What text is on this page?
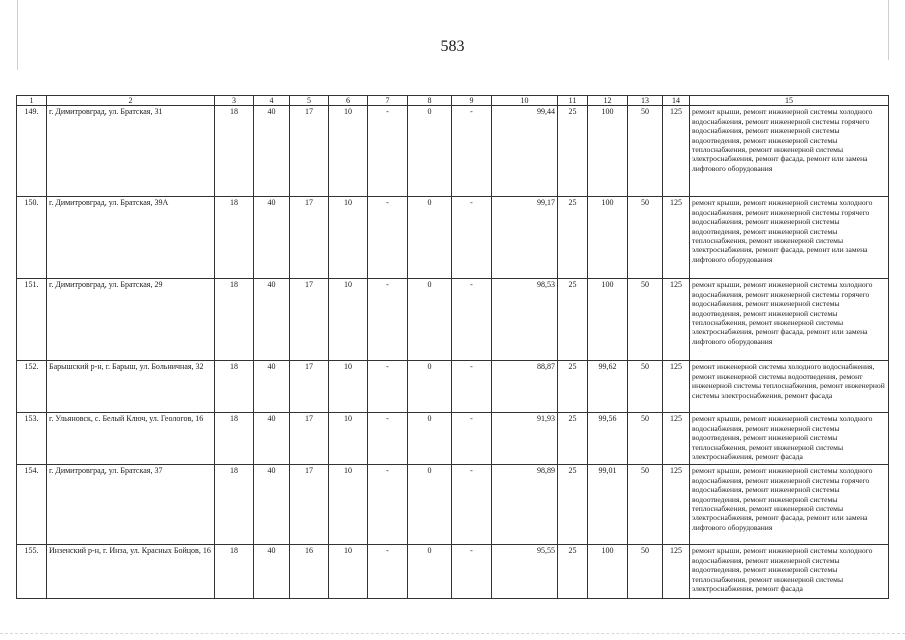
583
1	2	3	4	5	6	7	8	9	10	11	12	13	14	15
149.	г. Димитровград, ул. Братская, 31	18	40	17	10	-	0	-	99,44	25	100	50	125	ремонт крыши, ремонт инженерной системы холодного водоснабжения, ремонт инженерной системы горячего водоснабжения, ремонт инженерной системы водоотведения, ремонт инженерной системы теплоснабжения, ремонт инженерной системы электроснабжения, ремонт фасада, ремонт или замена лифтового оборудования
150.	г. Димитровград, ул. Братская, 39А	18	40	17	10	-	0	-	99,17	25	100	50	125	ремонт крыши, ремонт инженерной системы холодного водоснабжения, ремонт инженерной системы горячего водоснабжения, ремонт инженерной системы водоотведения, ремонт инженерной системы теплоснабжения, ремонт инженерной системы электроснабжения, ремонт фасада, ремонт или замена лифтового оборудования
151.	г. Димитровград, ул. Братская, 29	18	40	17	10	-	0	-	98,53	25	100	50	125	ремонт крыши, ремонт инженерной системы холодного водоснабжения, ремонт инженерной системы горячего водоснабжения, ремонт инженерной системы водоотведения, ремонт инженерной системы теплоснабжения, ремонт инженерной системы электроснабжения, ремонт фасада, ремонт или замена лифтового оборудования
152.	Барышский р-н, г. Барыш, ул. Больничная, 32	18	40	17	10	-	0	-	88,87	25	99,62	50	125	ремонт инженерной системы холодного водоснабжения, ремонт инженерной системы водоотведения, ремонт инженерной системы теплоснабжения, ремонт инженерной системы электроснабжения, ремонт фасада
153.	г. Ульяновск, с. Белый Ключ, ул. Геологов, 16	18	40	17	10	-	0	-	91,93	25	99,56	50	125	ремонт крыши, ремонт инженерной системы холодного водоснабжения, ремонт инженерной системы водоотведения, ремонт инженерной системы теплоснабжения, ремонт инженерной системы электроснабжения, ремонт фасада
154.	г. Димитровград, ул. Братская, 37	18	40	17	10	-	0	-	98,89	25	99,01	50	125	ремонт крыши, ремонт инженерной системы холодного водоснабжения, ремонт инженерной системы горячего водоснабжения, ремонт инженерной системы водоотведения, ремонт инженерной системы теплоснабжения, ремонт инженерной системы электроснабжения, ремонт фасада, ремонт или замена лифтового оборудования
155.	Инзенский р-н, г. Инза, ул. Красных Бойцов, 16	18	40	16	10	-	0	-	95,55	25	100	50	125	ремонт крыши, ремонт инженерной системы холодного водоснабжения, ремонт инженерной системы водоотведения, ремонт инженерной системы теплоснабжения, ремонт инженерной системы электроснабжения, ремонт фасада
